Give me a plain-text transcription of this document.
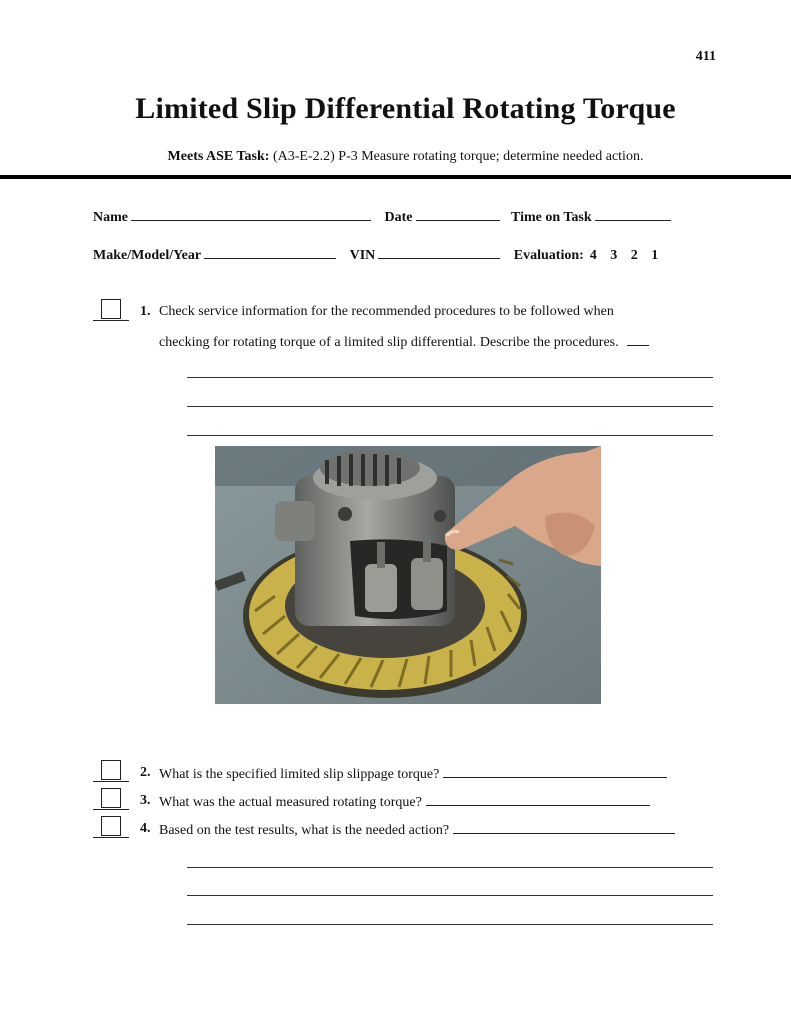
411
Limited Slip Differential Rotating Torque
Meets ASE Task: (A3-E-2.2) P-3 Measure rotating torque; determine needed action.
Name	Date	Time on Task
Make/Model/Year	VIN	Evaluation: 4 3 2 1
1. Check service information for the recommended procedures to be followed when
checking for rotating torque of a limited slip differential. Describe the procedures.
2. What is the specified limited slip slippage torque?
3. What was the actual measured rotating torque?
4. Based on the test results, what is the needed action?
